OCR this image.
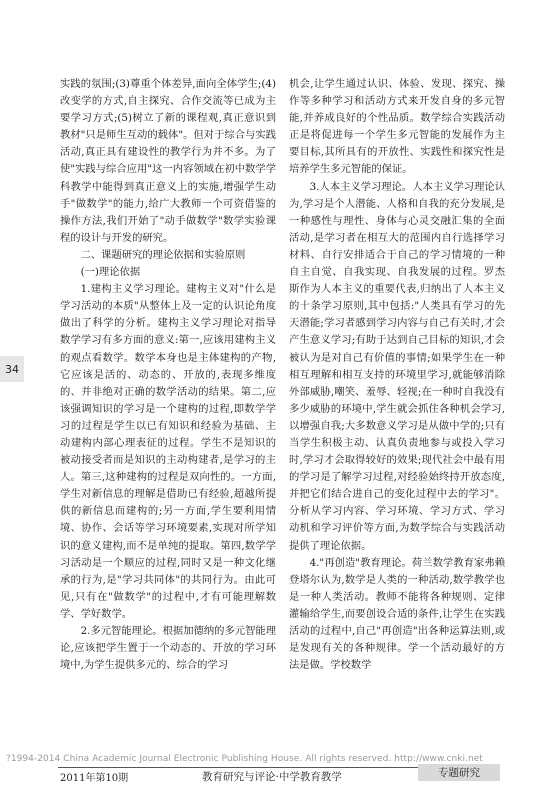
实践的氛围;(3)尊重个体差异,面向全体学生;(4)改变学的方式,自主探究、合作交流等已成为主要学习方式;(5)树立了新的课程观,真正意识到教材"只是师生互动的载体"。但对于综合与实践活动,真正具有建设性的教学行为并不多。为了使"实践与综合应用"这一内容领域在初中数学学科教学中能得到真正意义上的实施,增强学生动手"做数学"的能力,给广大教师一个可资借鉴的操作方法,我们开始了"动手做数学"数学实验课程的设计与开发的研究。

二、课题研究的理论依据和实验原则

(一)理论依据

1.建构主义学习理论。建构主义对"什么是学习活动的本质"从整体上及一定的认识论角度做出了科学的分析。建构主义学习理论对指导数学学习有多方面的意义:第一,应该用建构主义的观点看数学。数学本身也是主体建构的产物,它应该是活的、动态的、开放的,表现多维度的、并非绝对正确的数学活动的结果。第二,应该强调知识的学习是一个建构的过程,即数学学习的过程是学生以已有知识和经验为基础、主动建构内部心理表征的过程。学生不是知识的被动接受者而是知识的主动构建者,是学习的主人。第三,这种建构的过程是双向性的。一方面,学生对新信息的理解是借助已有经验,超越所提供的新信息而建构的;另一方面,学生要利用情境、协作、会话等学习环境要素,实现对所学知识的意义建构,而不是单纯的提取。第四,数学学习活动是一个顺应的过程,同时又是一种文化继承的行为,是"学习共同体"的共同行为。由此可见,只有在"做数学"的过程中,才有可能理解数学、学好数学。

2.多元智能理论。根据加德纳的多元智能理论,应该把学生置于一个动态的、开放的学习环境中,为学生提供多元的、综合的学习

机会,让学生通过认识、体验、发现、探究、操作等多种学习和活动方式来开发自身的多元智能,并养成良好的个性品质。数学综合实践活动正是将促进每一个学生多元智能的发展作为主要目标,其所具有的开放性、实践性和探究性是培养学生多元智能的保证。

3.人本主义学习理论。人本主义学习理论认为,学习是个人潜能、人格和自我的充分发展,是一种感性与理性、身体与心灵交融汇集的全面活动,是学习者在相互大的范围内自行选择学习材料、自行安排适合于自己的学习情境的一种自主自觉、自我实现、自我发展的过程。罗杰斯作为人本主义的重要代表,归纳出了人本主义的十条学习原则,其中包括:"人类具有学习的先天潜能;学习者感到学习内容与自己有关时,才会产生意义学习;有助于达到自己目标的知识,才会被认为是对自己有价值的事情;如果学生在一种相互理解和相互支持的环境里学习,就能够消除外部威胁,嘲笑、羞辱、轻视;在一种时自我没有多少威胁的环境中,学生就会抓住各种机会学习,以增强自我;大多数意义学习是从做中学的;只有当学生积极主动、认真负责地参与或投入学习时,学习才会取得较好的效果;现代社会中最有用的学习是了解学习过程,对经验始终持开放态度,并把它们结合进自己的变化过程中去的学习"。分析从学习内容、学习环境、学习方式、学习动机和学习评价等方面,为数学综合与实践活动提供了理论依据。

4."再创造"教育理论。荷兰数学教育家弗赖登塔尔认为,数学是人类的一种活动,数学教学也是一种人类活动。教师不能将各种规则、定律灌输给学生,而要创设合适的条件,让学生在实践活动的过程中,自己"再创造"出各种运算法则,或是发现有关的各种规律。学一个活动最好的方法是做。学校数学

34
?1994-2014 China Academic Journal Electronic Publishing House. All rights reserved. http://www.cnki.net
2011年第10期	教育研究与评论·中学教育教学	专题研究
